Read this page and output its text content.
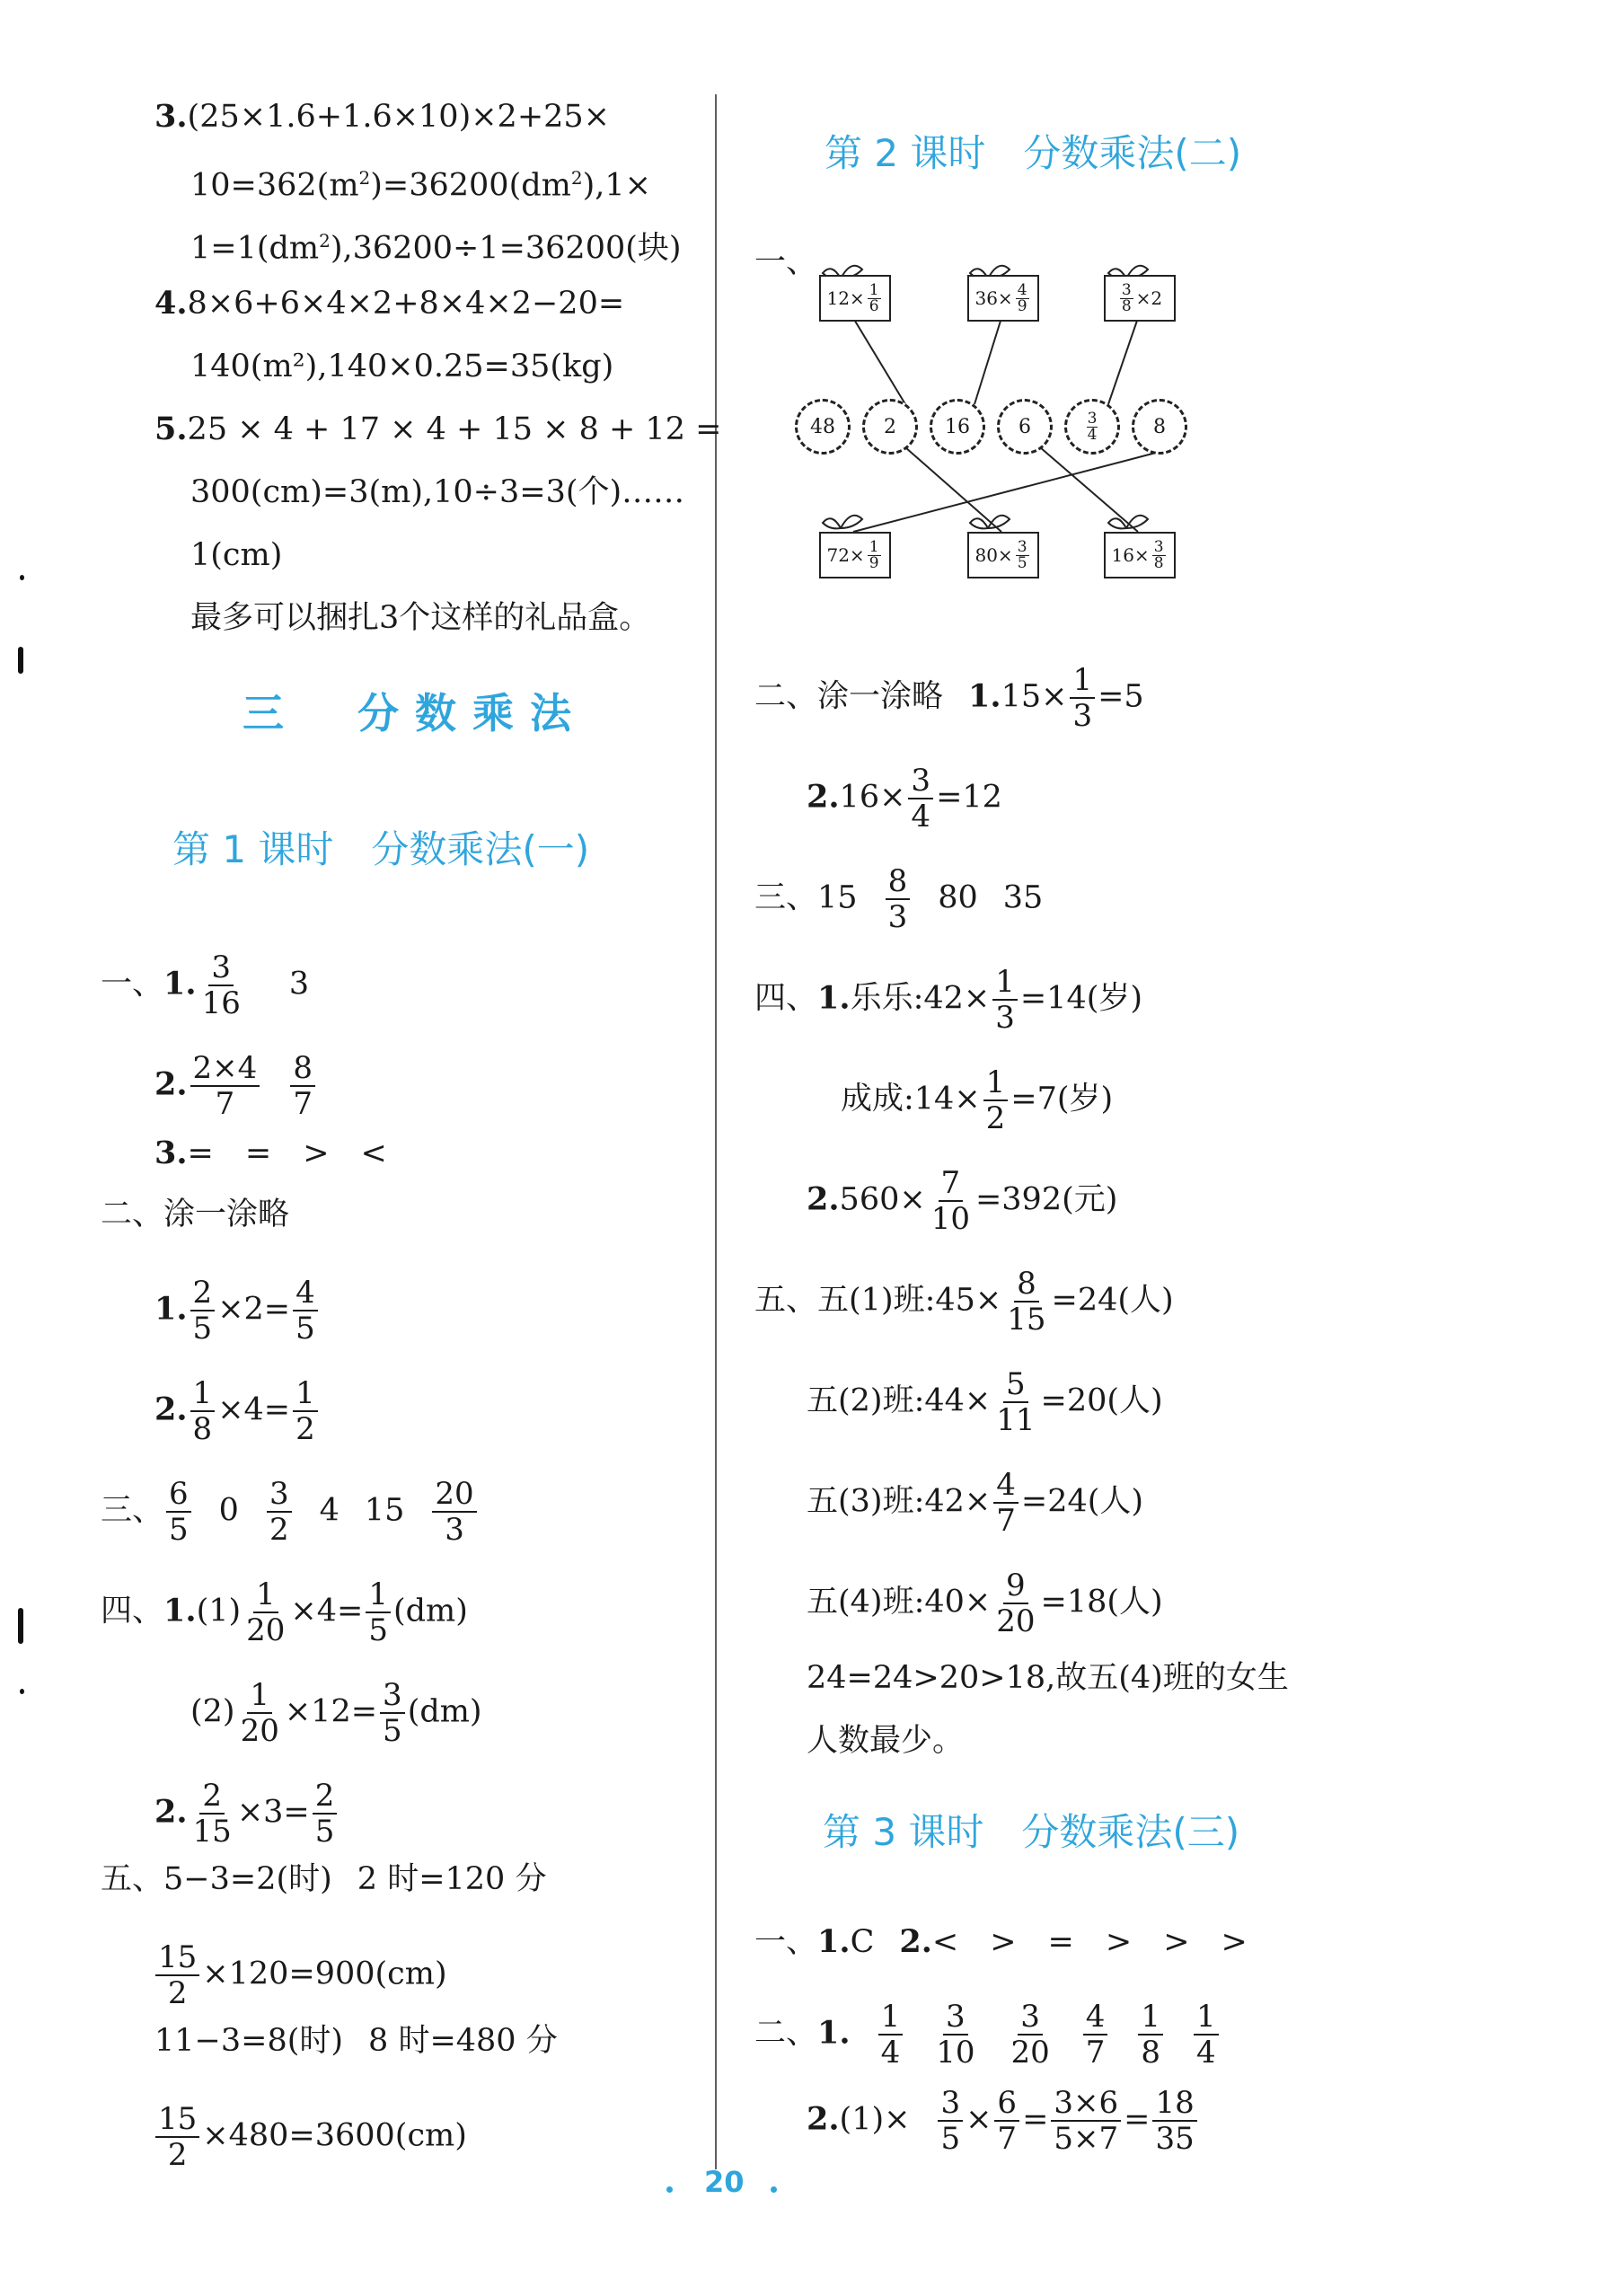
3.(25×1.6+1.6×10)×2+25×
$10=362(m^2)=36200(dm^2),1\times$
$1=1(dm^2),36200\div 1=36200$(块)
4.8×6+6×4×2+8×4×2−20=
140(m²),140×0.25=35(kg)
5.25 × 4 + 17 × 4 + 15 × 8 + 12 =
300(cm)=3(m),10÷3=3(个)……
1(cm)
最多可以捆扎3个这样的礼品盒。
三　分数乘法
第 1 课时　分数乘法(一)
一、1. $\frac{3}{16} 3$
2. $\frac{2\times 4}{7} \frac{8}{7}$
3.=　=　>　<
二、涂一涂略
1. $\frac{2}{5} \times 2= \frac{4}{5}$
2. $\frac{1}{8} \times 4= \frac{1}{2}$
三、 $\frac{6}{5} 0 \frac{3}{2} 4$ $15 \frac{20}{3}$
四、$1.(1) \frac{1}{20} \times 4= \frac{1}{5} (dm)$
$(2) \frac{1}{20} \times 12= \frac{3}{5} (dm)$
2. $\frac{2}{15} \times 3= \frac{2}{5}$
五、5−3=2(时) 2 时=120 分
$\frac{15}{2} \times 120=900(cm)$
11−3=8(时) 8 时=480 分
$\frac{15}{2} \times 480=3600(cm)$
第 2 课时　分数乘法(二)
一、
$12\times \frac{1}{6}$	$36\times \frac{4}{9}$	$\frac{3}{8} \times 2$
48 2 16 6	$\frac{3}{4}$	8
$72\times \frac{1}{9}$	$80\times \frac{3}{5}$	$16\times \frac{3}{8}$
二、涂一涂略 $1.15\times \frac{1}{3} =5$
$2.16\times \frac{3}{4} =12$
三、$15 \frac{8}{3} 80$ 35
四、1.乐乐:42× $\frac{1}{3} =14$(岁)
成成:14× $\frac{1}{2} =7$(岁)
$2.560\times \frac{7}{10} =392$(元)
五、五(1)班:45× $\frac{8}{15} =24$(人)
五(2)班:44× $\frac{5}{11} =20$(人)
五(3)班:42× $\frac{4}{7} =24$(人)
五(4)班:40× $\frac{9}{20} =18$(人)
24=24>20>18,故五(4)班的女生
人数最少。
第 3 课时　分数乘法(三)
一、1.C 2.<　>　=　>　>　>
二、1. $\frac{1}{4} \frac{3}{10} \frac{3}{20} \frac{4}{7} \frac{1}{8} \frac{1}{4}$
$2.(1)\times \frac{3}{5} \times \frac{6}{7} = \frac{3\times 6}{5\times 7} = \frac{18}{35}$
20
